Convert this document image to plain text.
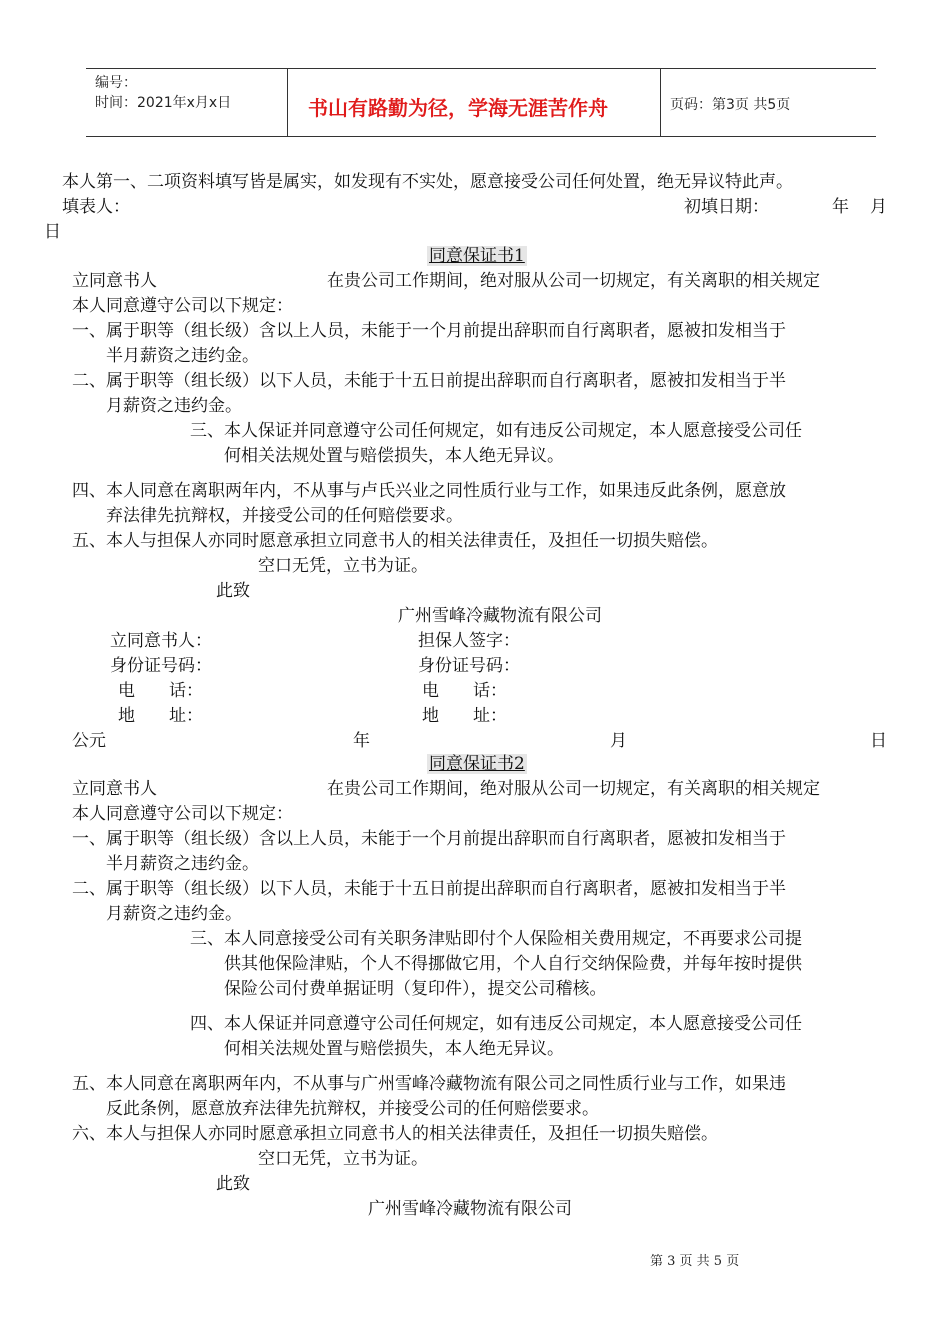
编号：
时间：2021年x月x日	书山有路勤为径，学海无涯苦作舟	页码：第3页 共5页
本人第一、二项资料填写皆是属实，如发现有不实处，愿意接受公司任何处置，绝无异议特此声。
填表人：	初填日期：	年 月
日
同意保证书1
立同意书人	在贵公司工作期间，绝对服从公司一切规定，有关离职的相关规定
本人同意遵守公司以下规定：
一、属于职等（组长级）含以上人员，未能于一个月前提出辞职而自行离职者，愿被扣发相当于
半月薪资之违约金。
二、属于职等（组长级）以下人员，未能于十五日前提出辞职而自行离职者，愿被扣发相当于半
月薪资之违约金。
三、本人保证并同意遵守公司任何规定，如有违反公司规定，本人愿意接受公司任
何相关法规处置与赔偿损失，本人绝无异议。
四、本人同意在离职两年内，不从事与卢氏兴业之同性质行业与工作，如果违反此条例，愿意放
弃法律先抗辩权，并接受公司的任何赔偿要求。
五、本人与担保人亦同时愿意承担立同意书人的相关法律责任，及担任一切损失赔偿。
空口无凭，立书为证。
此致
广州雪峰冷藏物流有限公司
立同意书人：	担保人签字：
身份证号码：	身份证号码：
电　　话：	电　　话：
地　　址：	地　　址：
公元	年	月	日
同意保证书2
立同意书人	在贵公司工作期间，绝对服从公司一切规定，有关离职的相关规定
本人同意遵守公司以下规定：
一、属于职等（组长级）含以上人员，未能于一个月前提出辞职而自行离职者，愿被扣发相当于
半月薪资之违约金。
二、属于职等（组长级）以下人员，未能于十五日前提出辞职而自行离职者，愿被扣发相当于半
月薪资之违约金。
三、本人同意接受公司有关职务津贴即付个人保险相关费用规定，不再要求公司提
供其他保险津贴，个人不得挪做它用，个人自行交纳保险费，并每年按时提供
保险公司付费单据证明（复印件），提交公司稽核。
四、本人保证并同意遵守公司任何规定，如有违反公司规定，本人愿意接受公司任
何相关法规处置与赔偿损失，本人绝无异议。
五、本人同意在离职两年内，不从事与广州雪峰冷藏物流有限公司之同性质行业与工作，如果违
反此条例，愿意放弃法律先抗辩权，并接受公司的任何赔偿要求。
六、本人与担保人亦同时愿意承担立同意书人的相关法律责任，及担任一切损失赔偿。
空口无凭，立书为证。
此致
广州雪峰冷藏物流有限公司
第 3 页 共 5 页
